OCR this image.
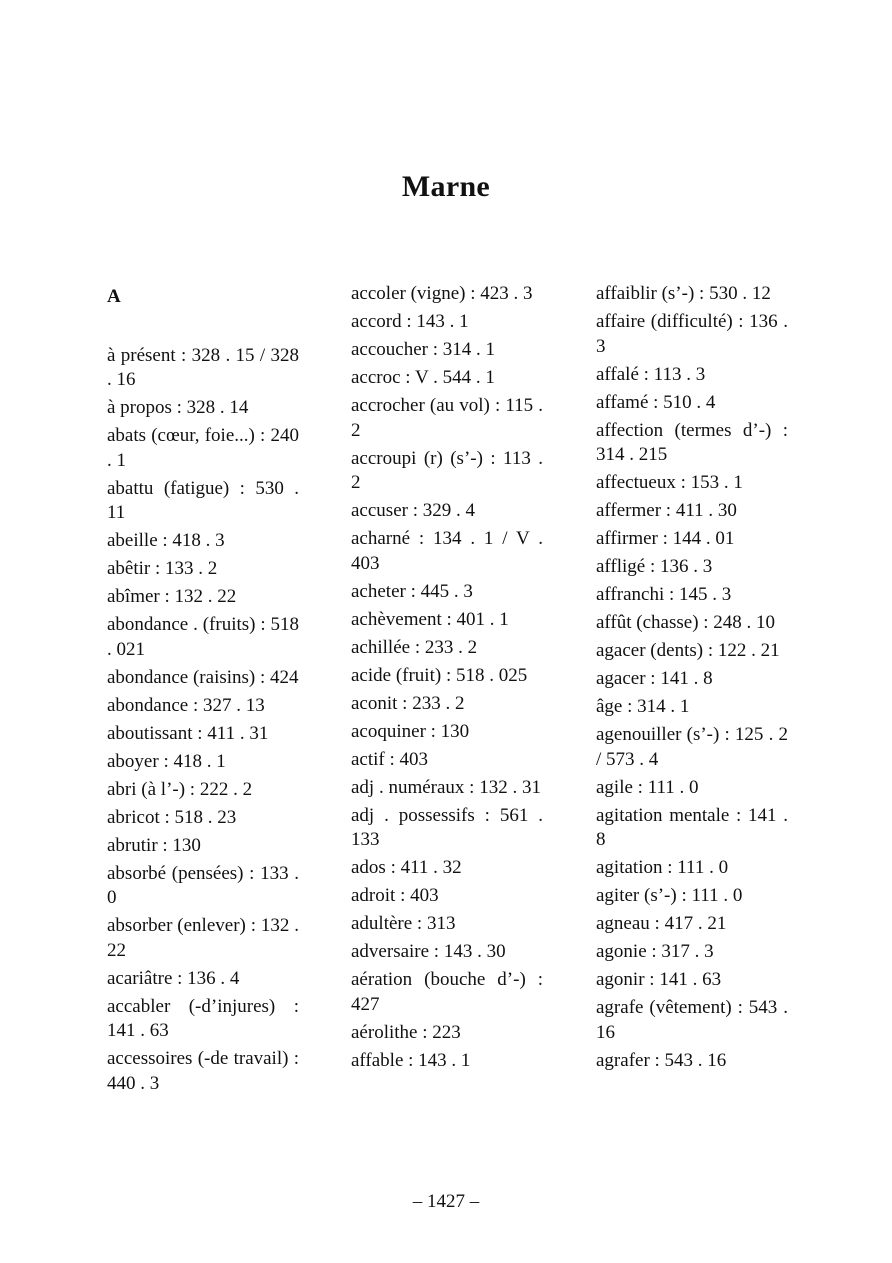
Marne
A

à présent : 328 . 15 / 328 . 16

à propos : 328 . 14

abats (cœur, foie...) : 240 . 1

abattu (fatigue) : 530 . 11

abeille : 418 . 3

abêtir : 133 . 2

abîmer : 132 . 22

abondance . (fruits) : 518 . 021

abondance (raisins) : 424

abondance : 327 . 13

aboutissant : 411 . 31

aboyer : 418 . 1

abri (à l’-) : 222 . 2

abricot : 518 . 23

abrutir : 130

absorbé (pensées) : 133 . 0

absorber (enlever) : 132 . 22

acariâtre : 136 . 4

accabler (-d’injures) : 141 . 63

accessoires (-de travail) : 440 . 3

accoler (vigne) : 423 . 3

accord : 143 . 1

accoucher : 314 . 1

accroc : V . 544 . 1

accrocher (au vol) : 115 . 2

accroupi (r) (s’-) : 113 . 2

accuser : 329 . 4

acharné : 134 . 1 / V . 403

acheter : 445 . 3

achèvement : 401 . 1

achillée : 233 . 2

acide (fruit) : 518 . 025

aconit : 233 . 2

acoquiner : 130

actif : 403

adj . numéraux : 132 . 31

adj . possessifs : 561 . 133

ados : 411 . 32

adroit : 403

adultère : 313

adversaire : 143 . 30

aération (bouche d’-) : 427

aérolithe : 223

affable : 143 . 1

affaiblir (s’-) : 530 . 12

affaire (difficulté) : 136 . 3

affalé : 113 . 3

affamé : 510 . 4

affection (termes d’-) : 314 . 215

affectueux : 153 . 1

affermer : 411 . 30

affirmer : 144 . 01

affligé : 136 . 3

affranchi : 145 . 3

affût (chasse) : 248 . 10

agacer (dents) : 122 . 21

agacer : 141 . 8

âge : 314 . 1

agenouiller (s’-) : 125 . 2 / 573 . 4

agile : 111 . 0

agitation mentale : 141 . 8

agitation : 111 . 0

agiter (s’-) : 111 . 0

agneau : 417 . 21

agonie : 317 . 3

agonir : 141 . 63

agrafe (vêtement) : 543 . 16

agrafer : 543 . 16

– 1427 –
